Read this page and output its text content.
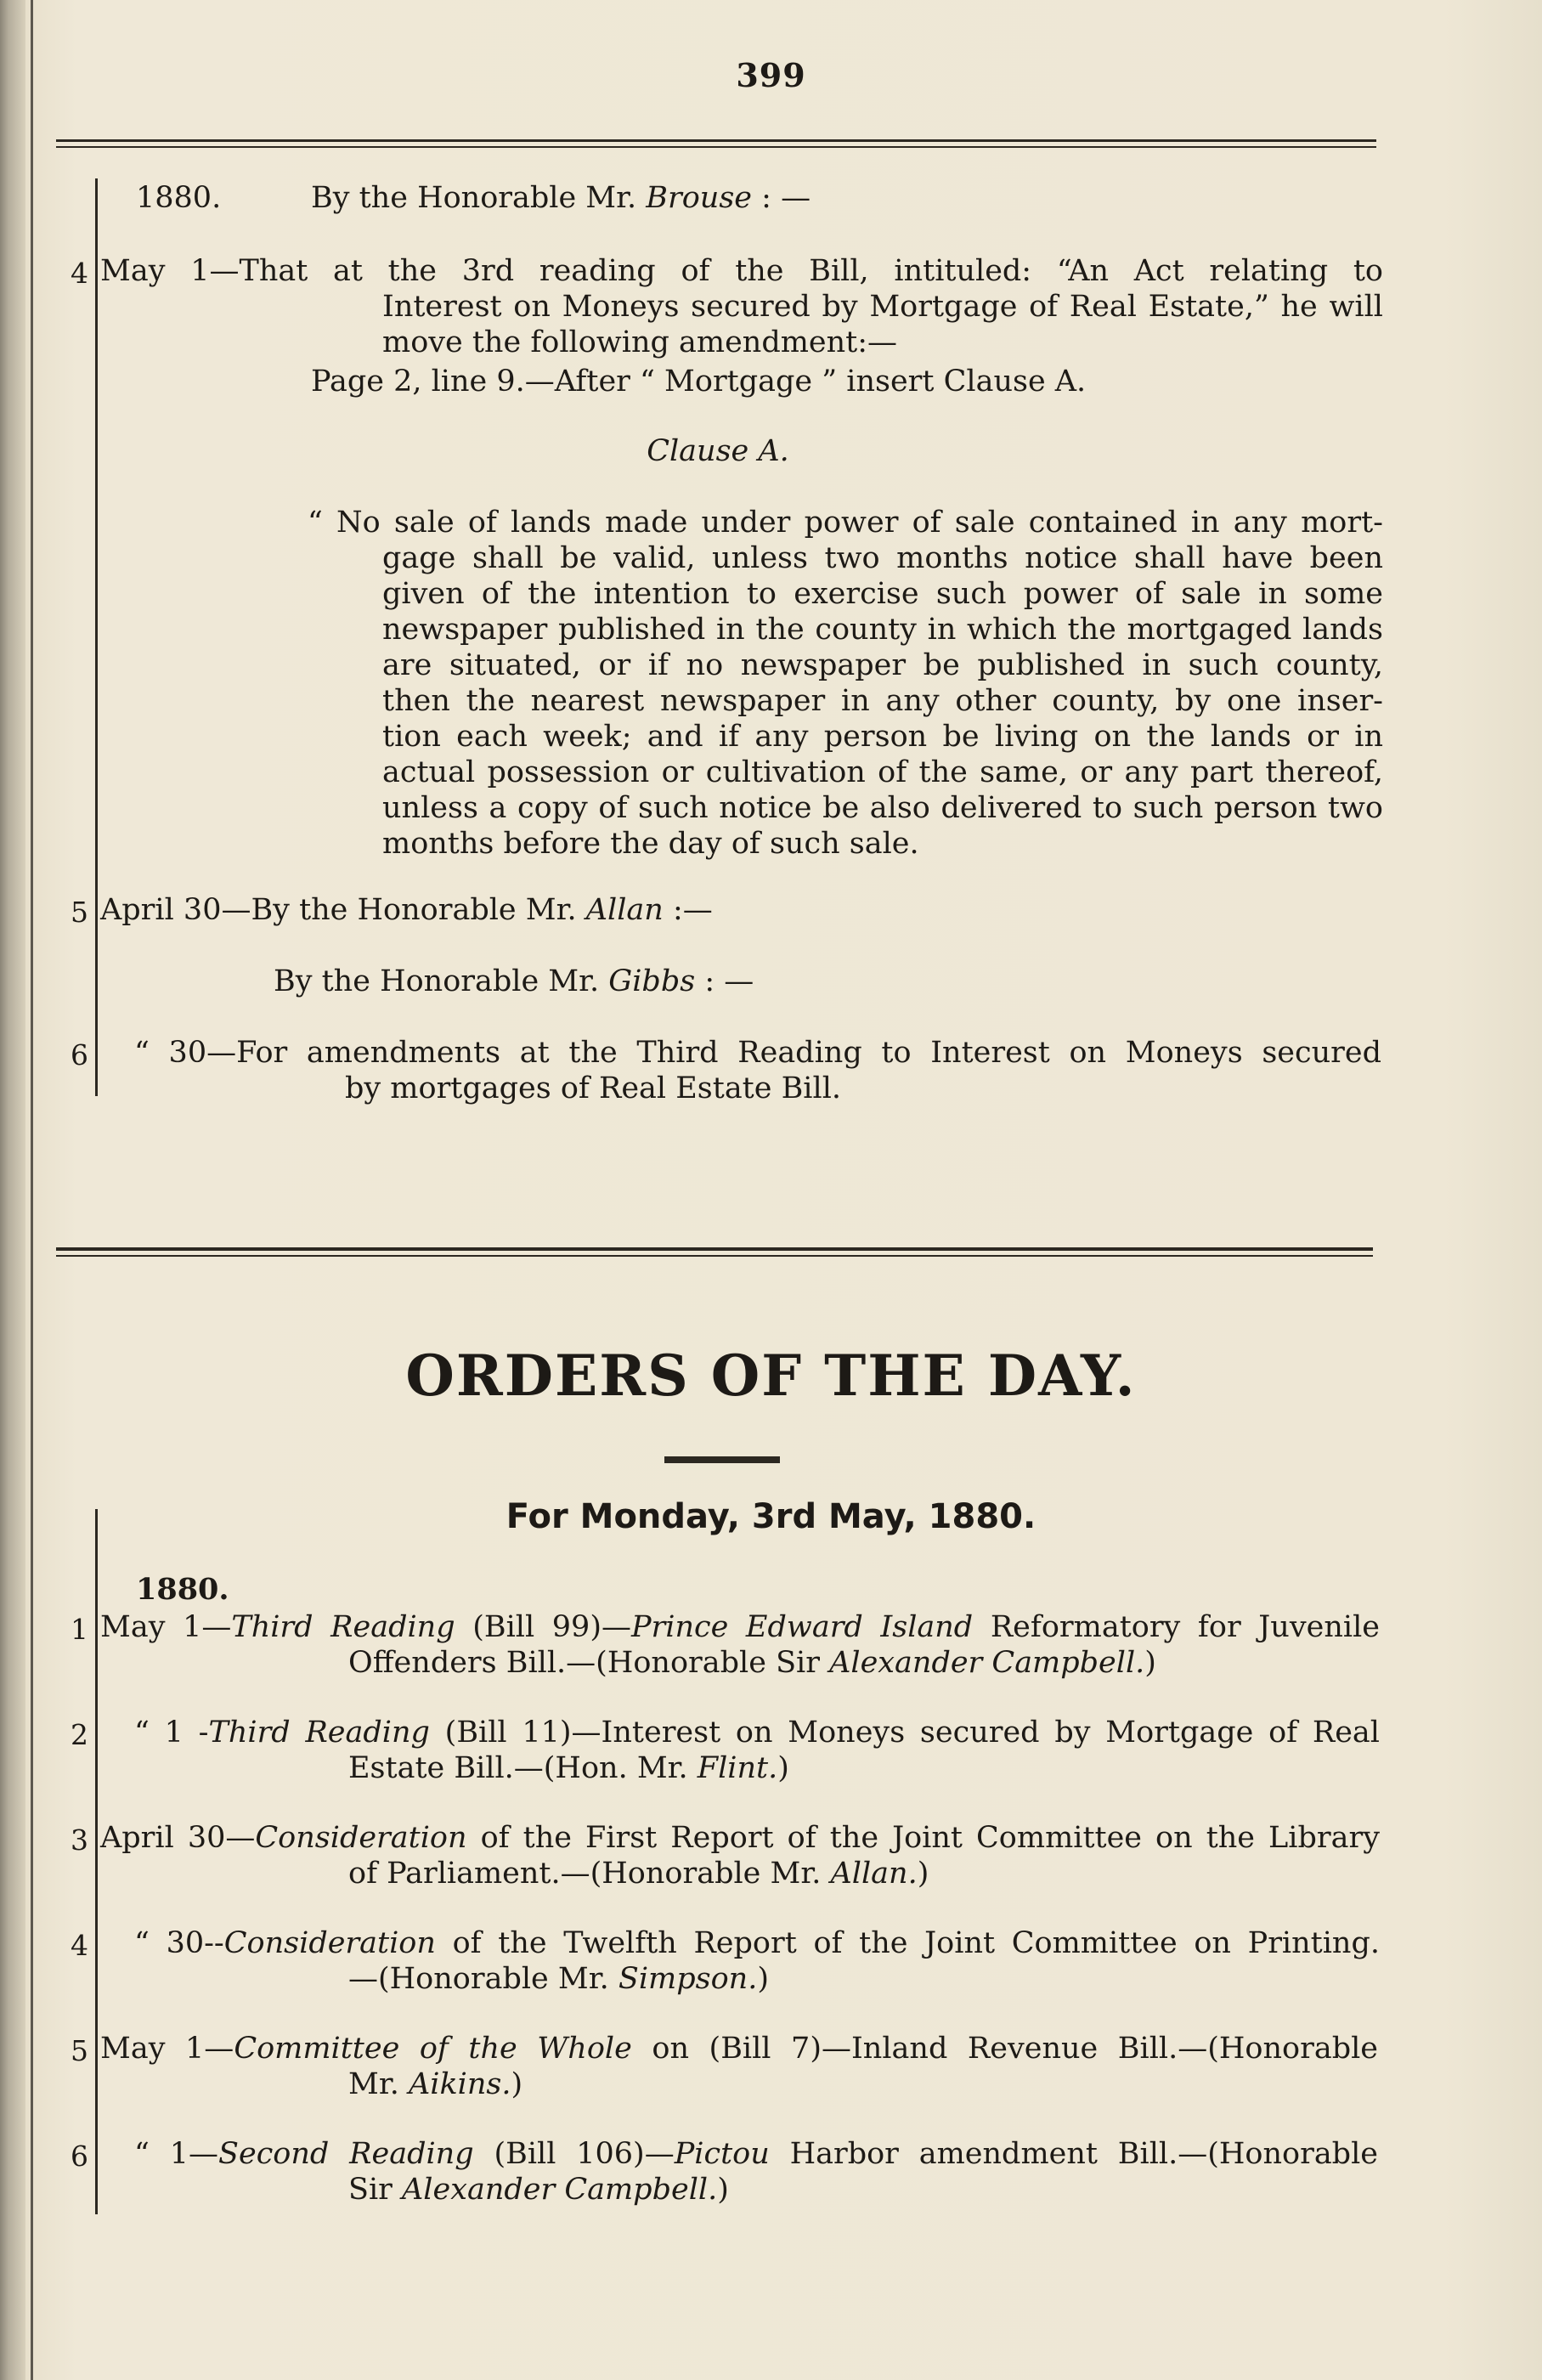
399
1880.	By the Honorable Mr. Brouse : —
4 May 1—That at the 3rd reading of the Bill, intituled: “An Act relating to
Interest on Moneys secured by Mortgage of Real Estate,” he will
move the following amendment:—
Page 2, line 9.—After “ Mortgage ” insert Clause A.
Clause A.
“ No sale of lands made under power of sale contained in any mort-
gage shall be valid, unless two months notice shall have been
given of the intention to exercise such power of sale in some
newspaper published in the county in which the mortgaged lands
are situated, or if no newspaper be published in such county,
then the nearest newspaper in any other county, by one inser-
tion each week; and if any person be living on the lands or in
actual possession or cultivation of the same, or any part thereof,
unless a copy of such notice be also delivered to such person two
months before the day of such sale.
5 April 30—By the Honorable Mr. Allan :—
By the Honorable Mr. Gibbs : —
6 “ 30—For amendments at the Third Reading to Interest on Moneys secured
by mortgages of Real Estate Bill.
ORDERS OF THE DAY.
For Monday, 3rd May, 1880.
1880.
1 May 1—Third Reading (Bill 99)—Prince Edward Island Reformatory for Juvenile
Offenders Bill.—(Honorable Sir Alexander Campbell.)
2 “ 1 -Third Reading (Bill 11)—Interest on Moneys secured by Mortgage of Real
Estate Bill.—(Hon. Mr. Flint.)
3 April 30—Consideration of the First Report of the Joint Committee on the Library
of Parliament.—(Honorable Mr. Allan.)
4 “ 30--Consideration of the Twelfth Report of the Joint Committee on Printing.
—(Honorable Mr. Simpson.)
5 May 1—Committee of the Whole on (Bill 7)—Inland Revenue Bill.—(Honorable
Mr. Aikins.)
6 “ 1—Second Reading (Bill 106)—Pictou Harbor amendment Bill.—(Honorable
Sir Alexander Campbell.)
